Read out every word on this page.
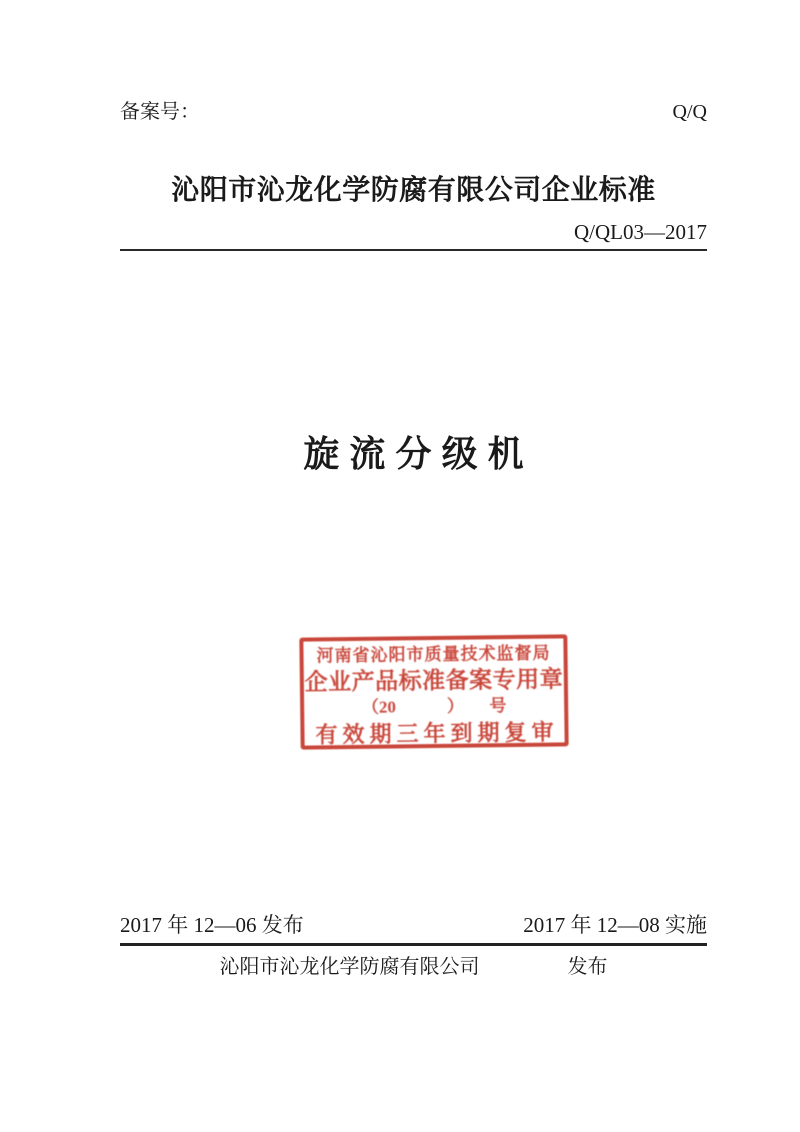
备案号：	Q/Q
沁阳市沁龙化学防腐有限公司企业标准
Q/QL03—2017
旋流分级机
河南省沁阳市质量技术监督局
企业产品标准备案专用章
（20　　　）　　号
有效期三年到期复审
2017 年 12—06 发布	2017 年 12—08 实施
沁阳市沁龙化学防腐有限公司	发布
